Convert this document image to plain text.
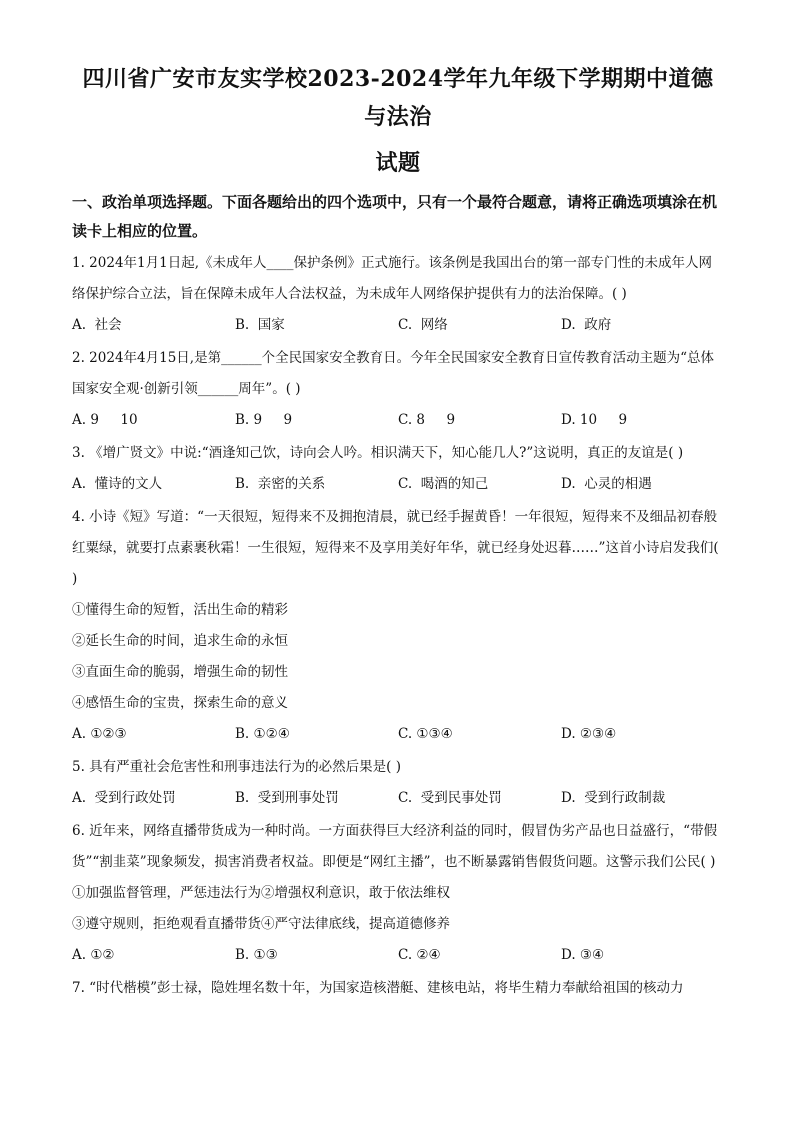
四川省广安市友实学校2023-2024学年九年级下学期期中道德与法治
试题
一、政治单项选择题。下面各题给出的四个选项中，只有一个最符合题意，请将正确选项填涂在机读卡上相应的位置。

1. 2024年1月1日起,《未成年人____保护条例》正式施行。该条例是我国出台的第一部专门性的未成年人网络保护综合立法，旨在保障未成年人合法权益，为未成年人网络保护提供有力的法治保障。( )

A.  社会	B.  国家	C.  网络	D.  政府

2. 2024年4月15日,是第______个全民国家安全教育日。今年全民国家安全教育日宣传教育活动主题为“总体国家安全观·创新引领______周年”。( )

A. 9     10	B. 9     9	C. 8     9	D. 10     9

3. 《增广贤文》中说:“酒逢知己饮，诗向会人吟。相识满天下，知心能几人?”这说明，真正的友谊是( )

A.  懂诗的文人	B.  亲密的关系	C.  喝酒的知己	D.  心灵的相遇

4. 小诗《短》写道：“一天很短，短得来不及拥抱清晨，就已经手握黄昏！一年很短，短得来不及细品初春般红粟绿，就要打点素裹秋霜！一生很短，短得来不及享用美好年华，就已经身处迟暮……”这首小诗启发我们( )

①懂得生命的短暂，活出生命的精彩

②延长生命的时间，追求生命的永恒

③直面生命的脆弱，增强生命的韧性

④感悟生命的宝贵，探索生命的意义

A. ①②③	B. ①②④	C. ①③④	D. ②③④

5. 具有严重社会危害性和刑事违法行为的必然后果是( )

A.  受到行政处罚	B.  受到刑事处罚	C.  受到民事处罚	D.  受到行政制裁

6. 近年来，网络直播带货成为一种时尚。一方面获得巨大经济利益的同时，假冒伪劣产品也日益盛行，“带假货”“割韭菜”现象频发，损害消费者权益。即便是“网红主播”，也不断暴露销售假货问题。这警示我们公民( )

①加强监督管理，严惩违法行为②增强权利意识，敢于依法维权

③遵守规则，拒绝观看直播带货④严守法律底线，提高道德修养

A. ①②	B. ①③	C. ②④	D. ③④

7. “时代楷模”彭士禄，隐姓埋名数十年，为国家造核潜艇、建核电站，将毕生精力奉献给祖国的核动力
